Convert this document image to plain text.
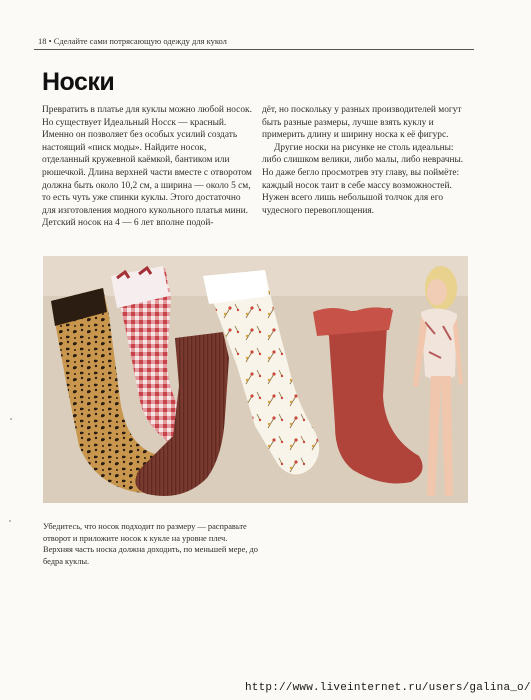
18 • Сделайте сами потрясающую одежду для кукол
Носки

Превратить в платье для куклы можно любой носок. Но существует Идеальный Носск — красный. Именно он позволяет без особых усилий создать настоящий «писк моды». Найдите носок, отделанный кружевной каёмкой, бантиком или рюшечкой. Длина верхней части вместе с отворотом должна быть около 10,2 см, а ширина — около 5 см, то есть чуть уже спинки куклы. Этого достаточно для изготовления модного кукольного платья мини. Детский носок на 4 — 6 лет вполне подой-

дёт, но поскольку у разных производителей могут быть разные размеры, лучше взять куклу и примерить длину и ширину носка к её фигурс.

Другие носки на рисунке не столь идеальны: либо слишком велики, либо малы, либо неврачны. Но даже бегло просмотрев эту главу, вы поймёте: каждый носок таит в себе массу возможностей. Нужен всего лишь небольшой толчок для его чудесного перевоплощения.

Убедитесь, что носок подходит по размеру — расправьте отворот и приложите носок к кукле на уровне плеч. Верхняя часть носка должна доходить, по меньшей мере, до бедра куклы.
http://www.liveinternet.ru/users/galina_o/
